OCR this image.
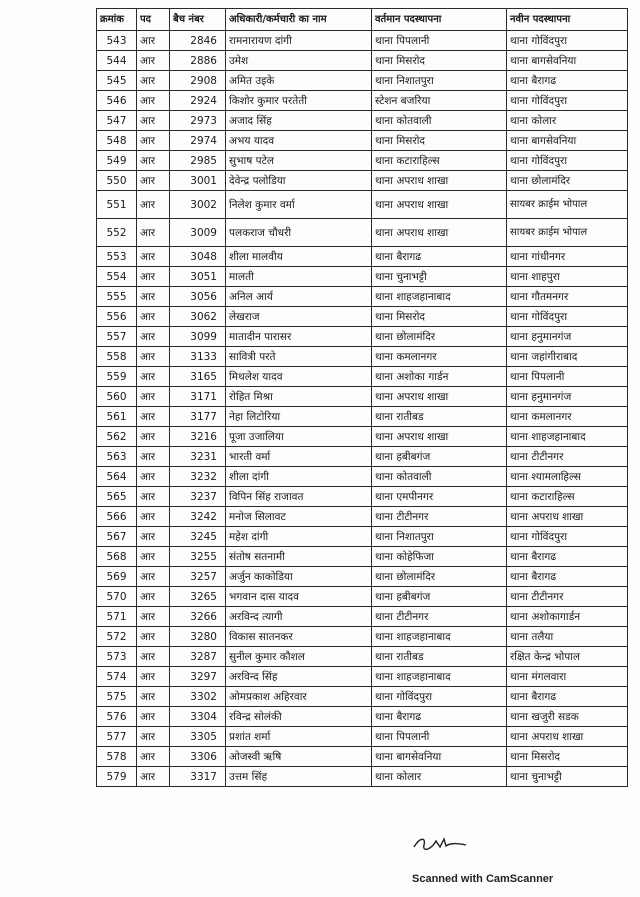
क्रमांक	पद	बैच नंबर	अधिकारी/कर्मचारी का नाम	वर्तमान पदस्थापना	नवीन पदस्थापना
543	आर	2846	रामनारायण दांगी	थाना पिपलानी	थाना गोविंदपुरा
544	आर	2886	उमेश	थाना मिसरोद	थाना बागसेवनिया
545	आर	2908	अमित उइके	थाना निशातपुरा	थाना बैरागढ
546	आर	2924	किशोर कुमार परतेती	स्टेशन बजरिया	थाना गोविंदपुरा
547	आर	2973	अजाद सिंह	थाना कोतवाली	थाना कोलार
548	आर	2974	अभय यादव	थाना मिसरोद	थाना बागसेवनिया
549	आर	2985	सुभाष पटेल	थाना कटाराहिल्स	थाना गोविंदपुरा
550	आर	3001	देवेन्द्र पलोडिया	थाना अपराध शाखा	थाना छोलामंदिर
551	आर	3002	निलेश कुमार वर्मा	थाना अपराध शाखा	सायबर क्राईम भोपाल
552	आर	3009	पलकराज चौधरी	थाना अपराध शाखा	सायबर क्राईम भोपाल
553	आर	3048	शीला मालवीय	थाना बैरागढ	थाना गांधीनगर
554	आर	3051	मालती	थाना चुनाभट्टी	थाना शाहपुरा
555	आर	3056	अनिल आर्य	थाना शाहजहानाबाद	थाना गौतमनगर
556	आर	3062	लेखराज	थाना मिसरोद	थाना गोविंदपुरा
557	आर	3099	मातादीन पारासर	थाना छोलामंदिर	थाना हनुमानगंज
558	आर	3133	सावित्री परते	थाना कमलानगर	थाना जहांगीराबाद
559	आर	3165	मिथलेश यादव	थाना अशोका गार्डन	थाना पिपलानी
560	आर	3171	रोहित मिश्रा	थाना अपराध शाखा	थाना हनुमानगंज
561	आर	3177	नेहा लिटोरिया	थाना रातीबड	थाना कमलानगर
562	आर	3216	पूजा उजालिया	थाना अपराध शाखा	थाना शाहजहानाबाद
563	आर	3231	भारती वर्मा	थाना हबीबगंज	थाना टीटीनगर
564	आर	3232	शीला दांगी	थाना कोतवाली	थाना श्यामलाहिल्स
565	आर	3237	विपिन सिंह राजावत	थाना एमपीनगर	थाना कटाराहिल्स
566	आर	3242	मनोज सिलावट	थाना टीटीनगर	थाना अपराध शाखा
567	आर	3245	महेश दांगी	थाना निशातपुरा	थाना गोविंदपुरा
568	आर	3255	संतोष सतनामी	थाना कोहेफिजा	थाना बैरागढ
569	आर	3257	अर्जुन काकोडिया	थाना छोलामंदिर	थाना बैरागढ
570	आर	3265	भगवान दास यादव	थाना हबीबगंज	थाना टीटीनगर
571	आर	3266	अरविन्द त्यागी	थाना टीटीनगर	थाना अशोकागार्डन
572	आर	3280	विकास सातनकर	थाना शाहजहानाबाद	थाना तलैया
573	आर	3287	सुनील कुमार कौशल	थाना रातीबड	रक्षित केन्द्र भोपाल
574	आर	3297	अरविन्द सिंह	थाना शाहजहानाबाद	थाना मंगलवारा
575	आर	3302	ओमप्रकाश अहिरवार	थाना गोविंदपुरा	थाना बैरागढ
576	आर	3304	रविन्द्र सोलंकी	थाना बैरागढ	थाना खजुरी सडक
577	आर	3305	प्रशांत शर्मा	थाना पिपलानी	थाना अपराध शाखा
578	आर	3306	ओजस्वी ऋषि	थाना बागसेवनिया	थाना मिसरोद
579	आर	3317	उत्तम सिंह	थाना कोलार	थाना चुनाभट्टी
Scanned with CamScanner
